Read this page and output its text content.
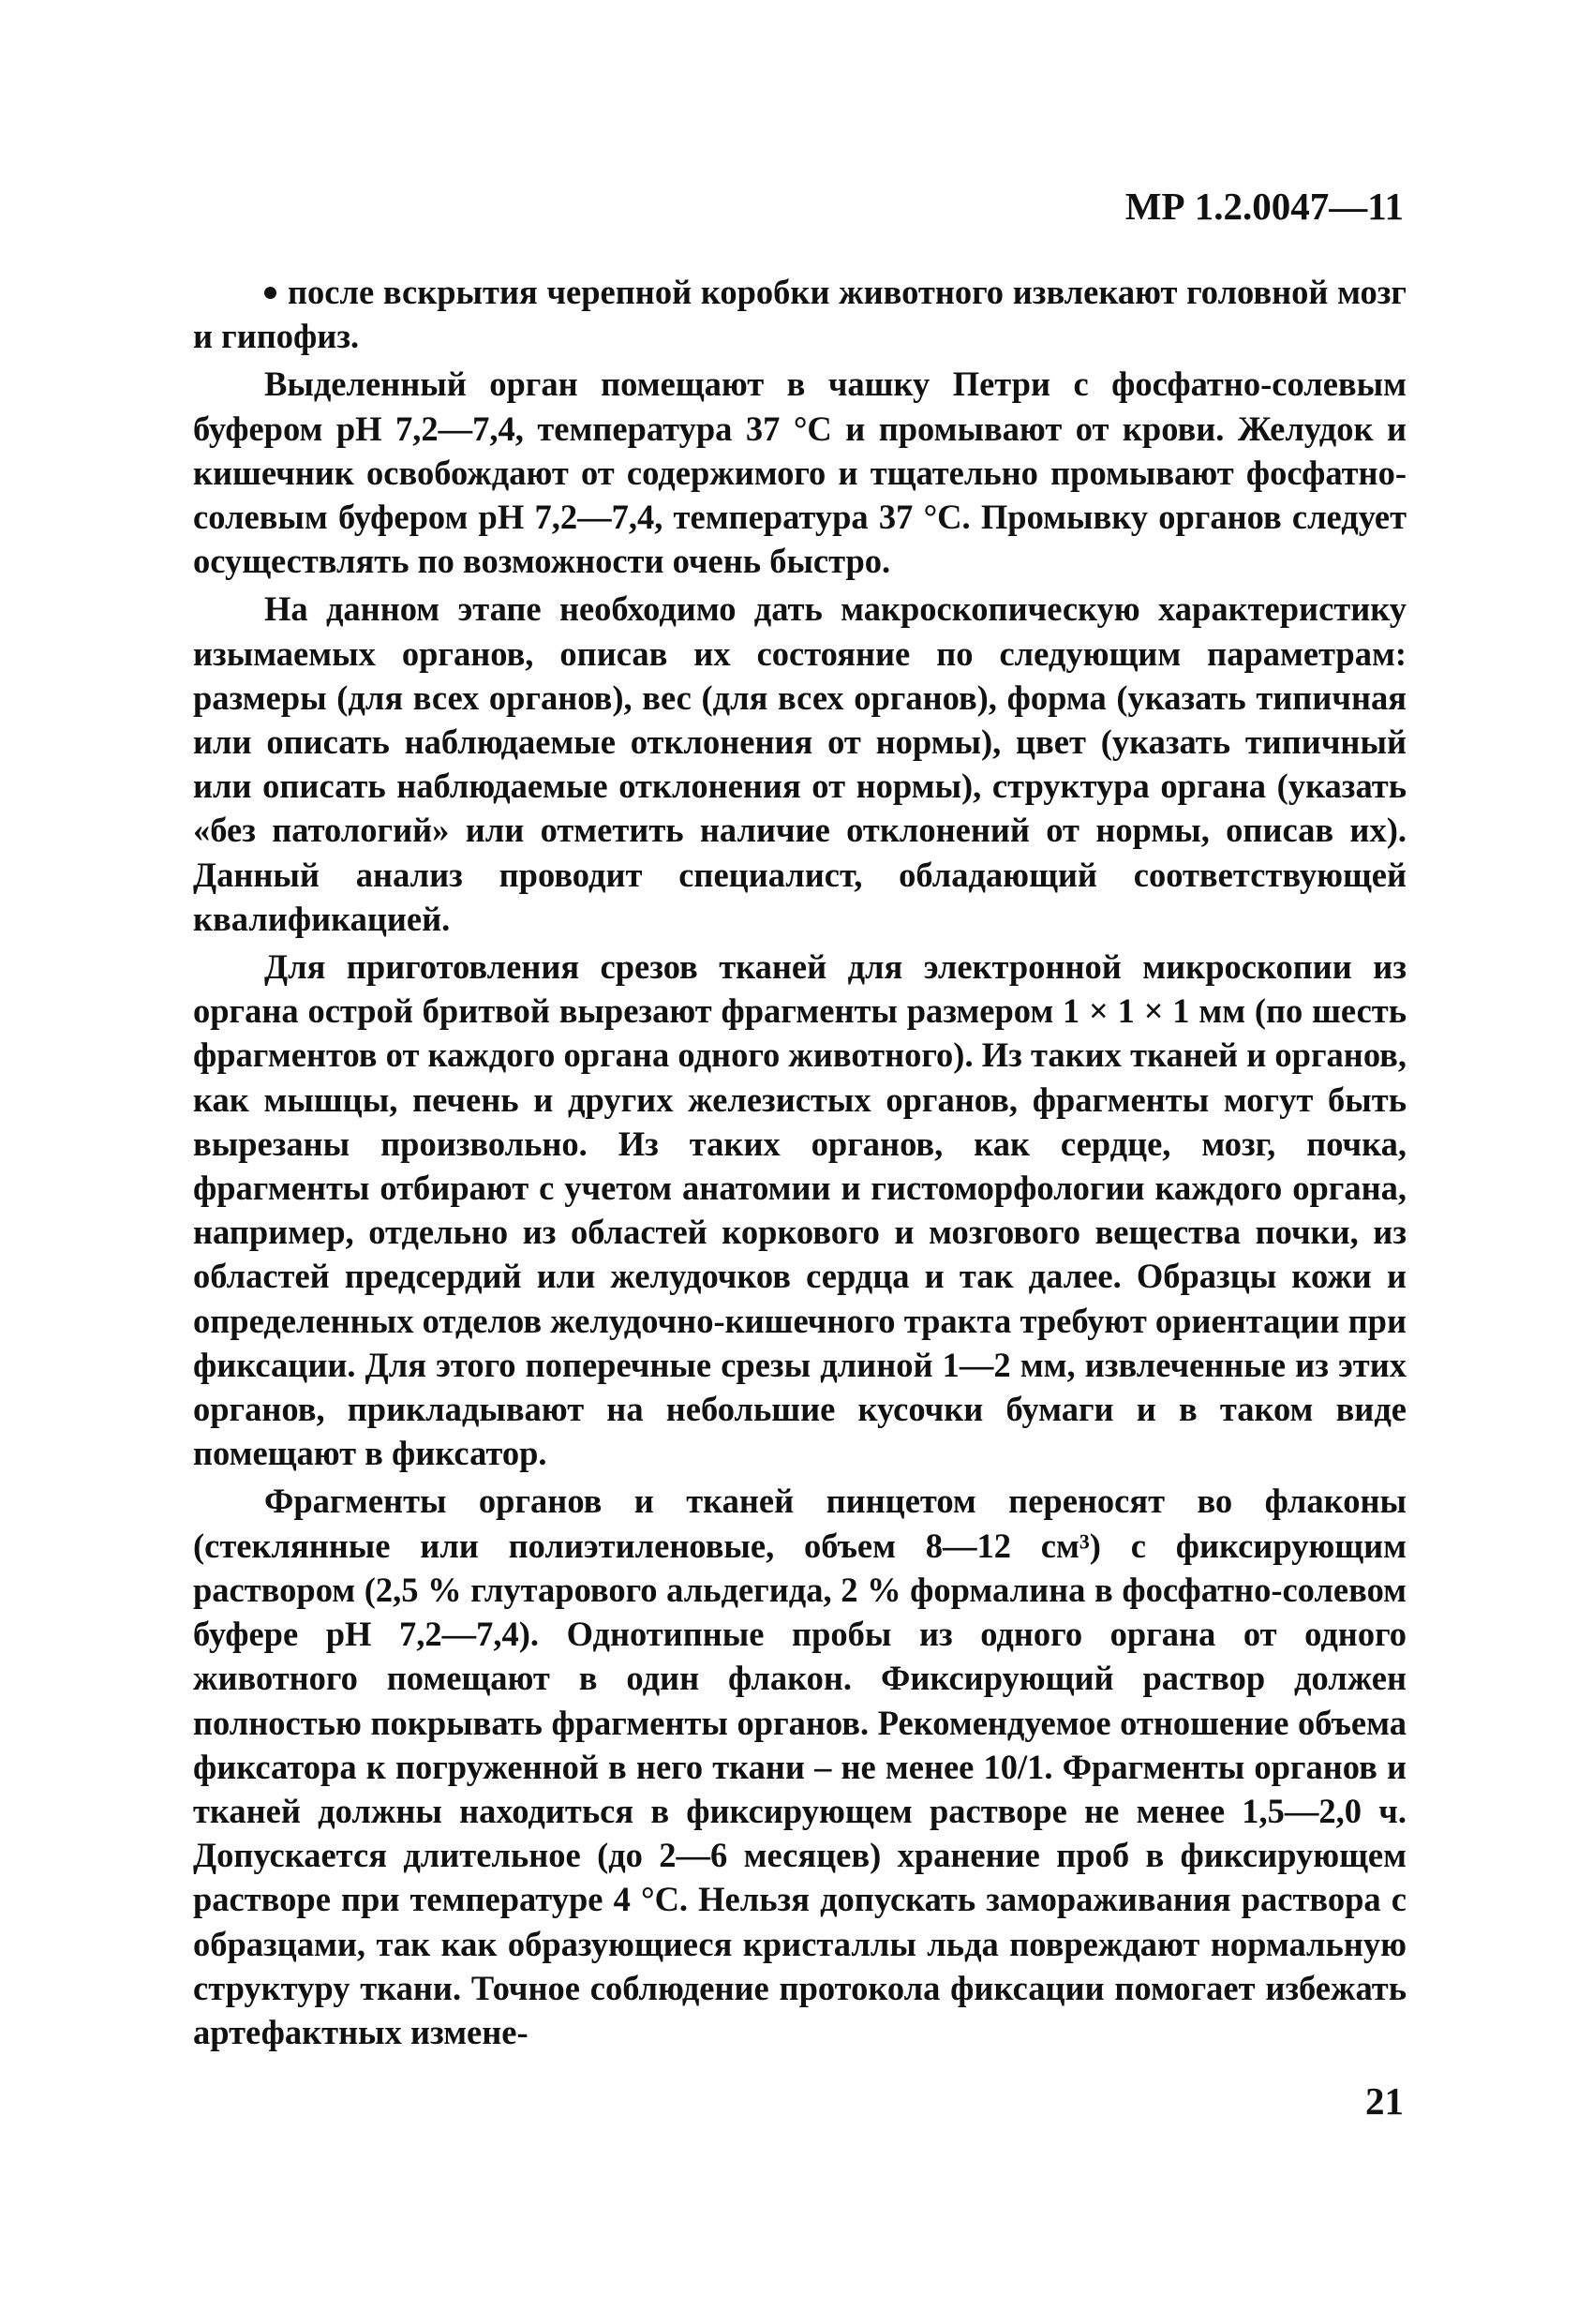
МР 1.2.0047—11

после вскрытия черепной коробки животного извлекают головной мозг и гипофиз.

Выделенный орган помещают в чашку Петри с фосфатно-солевым буфером рН 7,2—7,4, температура 37 °С и промывают от крови. Желудок и кишечник освобождают от содержимого и тщательно промывают фосфатно-солевым буфером рН 7,2—7,4, температура 37 °С. Промывку органов следует осуществлять по возможности очень быстро.

На данном этапе необходимо дать макроскопическую характеристику изымаемых органов, описав их состояние по следующим параметрам: размеры (для всех органов), вес (для всех органов), форма (указать типичная или описать наблюдаемые отклонения от нормы), цвет (указать типичный или описать наблюдаемые отклонения от нормы), структура органа (указать «без патологий» или отметить наличие отклонений от нормы, описав их). Данный анализ проводит специалист, обладающий соответствующей квалификацией.

Для приготовления срезов тканей для электронной микроскопии из органа острой бритвой вырезают фрагменты размером 1 × 1 × 1 мм (по шесть фрагментов от каждого органа одного животного). Из таких тканей и органов, как мышцы, печень и других железистых органов, фрагменты могут быть вырезаны произвольно. Из таких органов, как сердце, мозг, почка, фрагменты отбирают с учетом анатомии и гистоморфологии каждого органа, например, отдельно из областей коркового и мозгового вещества почки, из областей предсердий или желудочков сердца и так далее. Образцы кожи и определенных отделов желудочно-кишечного тракта требуют ориентации при фиксации. Для этого поперечные срезы длиной 1—2 мм, извлеченные из этих органов, прикладывают на небольшие кусочки бумаги и в таком виде помещают в фиксатор.

Фрагменты органов и тканей пинцетом переносят во флаконы (стеклянные или полиэтиленовые, объем 8—12 см³) с фиксирующим раствором (2,5 % глутарового альдегида, 2 % формалина в фосфатно-солевом буфере рН 7,2—7,4). Однотипные пробы из одного органа от одного животного помещают в один флакон. Фиксирующий раствор должен полностью покрывать фрагменты органов. Рекомендуемое отношение объема фиксатора к погруженной в него ткани – не менее 10/1. Фрагменты органов и тканей должны находиться в фиксирующем растворе не менее 1,5—2,0 ч. Допускается длительное (до 2—6 месяцев) хранение проб в фиксирующем растворе при температуре 4 °С. Нельзя допускать замораживания раствора с образцами, так как образующиеся кристаллы льда повреждают нормальную структуру ткани. Точное соблюдение протокола фиксации помогает избежать артефактных измене-

21
